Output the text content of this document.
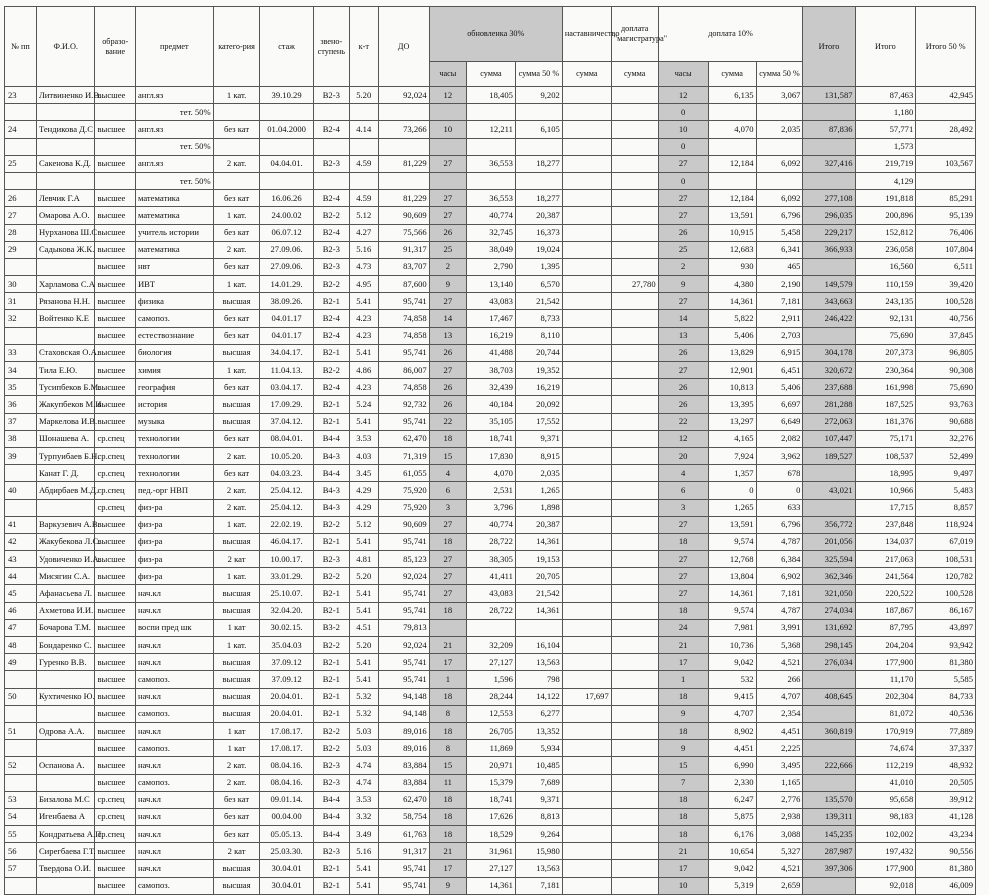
№ пп	Ф.И.О.	образо-вание	предмет	катего-рия	стаж	звено-ступень	к-т	ДО	обновленка 30%			наставничество	доплата "магистратура"	доплата 10%			Итого	Итого	Итого 50 %
									часы	сумма	сумма 50 %	сумма	сумма	часы	сумма	сумма 50 %			
23	Литвиненко И.В.	высшее	англ.яз	1 кат.	39.10.29	В2-3	5.20	92,024	12	18,405	9,202			12	6,135	3,067	131,587	87,463	42,945
			тет. 50%											0				1,180	
24	Тендикова Д.С	высшее	англ.яз	без кат	01.04.2000	В2-4	4.14	73,266	10	12,211	6,105			10	4,070	2,035	87,836	57,771	28,492
			тет. 50%											0				1,573	
25	Сакенова К.Д.	высшее	англ.яз	2 кат.	04.04.01.	В2-3	4.59	81,229	27	36,553	18,277			27	12,184	6,092	327,416	219,719	103,567
			тет. 50%											0				4,129	
26	Левчик Г.А	высшее	математика	без кат	16.06.26	В2-4	4.59	81,229	27	36,553	18,277			27	12,184	6,092	277,108	191,818	85,291
27	Омарова А.О.	высшее	математика	1 кат.	24.00.02	В2-2	5.12	90,609	27	40,774	20,387			27	13,591	6,796	296,035	200,896	95,139
28	Нурханова Ш.С	высшее	учитель истории	без кат	06.07.12	В2-4	4.27	75,566	26	32,745	16,373			26	10,915	5,458	229,217	152,812	76,406
29	Садыкова Ж.К.	высшее	математика	2 кат.	27.09.06.	В2-3	5.16	91,317	25	38,049	19,024			25	12,683	6,341	366,933	236,058	107,804
		высшее	нвт	без кат	27.09.06.	В2-3	4.73	83,707	2	2,790	1,395			2	930	465		16,560	6,511
30	Харламова С.А	высшее	ИВТ	1 кат.	14.01.29.	В2-2	4.95	87,600	9	13,140	6,570		27,780	9	4,380	2,190	149,579	110,159	39,420
31	Рязанова Н.Н.	высшее	физика	высшая	38.09.26.	В2-1	5.41	95,741	27	43,083	21,542			27	14,361	7,181	343,663	243,135	100,528
32	Войтенко К.Е	высшее	самопоз.	без кат	04.01.17	В2-4	4.23	74,858	14	17,467	8,733			14	5,822	2,911	246,422	92,131	40,756
		высшее	естествознание	без кат	04.01.17	В2-4	4.23	74,858	13	16,219	8,110			13	5,406	2,703		75,690	37,845
33	Стаховская О.А.	высшее	биология	высшая	34.04.17.	В2-1	5.41	95,741	26	41,488	20,744			26	13,829	6,915	304,178	207,373	96,805
34	Тила Е.Ю.	высшее	химия	1 кат.	11.04.13.	В2-2	4.86	86,007	27	38,703	19,352			27	12,901	6,451	320,672	230,364	90,308
35	Тусипбеков Б.М.	высшее	география	без кат	03.04.17.	В2-4	4.23	74,858	26	32,439	16,219			26	10,813	5,406	237,688	161,998	75,690
36	Жакупбеков М.И	высшее	история	высшая	17.09.29.	В2-1	5.24	92,732	26	40,184	20,092			26	13,395	6,697	281,288	187,525	93,763
37	Маркелова И.В.	высшее	музыка	высшая	37.04.12.	В2-1	5.41	95,741	22	35,105	17,552			22	13,297	6,649	272,063	181,376	90,688
38	Шонашева А.	ср.спец	технологии	без кат	08.04.01.	В4-4	3.53	62,470	18	18,741	9,371			12	4,165	2,082	107,447	75,171	32,276
39	Турпуибаев Б.Н.	ср.спец	технологии	2 кат.	10.05.20.	В4-3	4.03	71,319	15	17,830	8,915			20	7,924	3,962	189,527	108,537	52,499
	Канат Г. Д.	ср.спец	технологии	без кат	04.03.23.	В4-4	3.45	61,055	4	4,070	2,035			4	1,357	678		18,995	9,497
40	Абдирбаев М.Д.	ср.спец	пед.-орг НВП	2 кат.	25.04.12.	В4-3	4.29	75,920	6	2,531	1,265			6	0	0	43,021	10,966	5,483
		ср.спец	физ-ра	2 кат.	25.04.12.	В4-3	4.29	75,920	3	3,796	1,898			3	1,265	633		17,715	8,857
41	Варкузевич А.В.	высшее	физ-ра	1 кат.	22.02.19.	В2-2	5.12	90,609	27	40,774	20,387			27	13,591	6,796	356,772	237,848	118,924
42	Жакубекова Л.С.	высшее	физ-ра	высшая	46.04.17.	В2-1	5.41	95,741	18	28,722	14,361			18	9,574	4,787	201,056	134,037	67,019
43	Удовиченко И.А.	высшее	физ-ра	2 кат	10.00.17.	В2-3	4.81	85,123	27	38,305	19,153			27	12,768	6,384	325,594	217,063	108,531
44	Мисягин С.А.	высшее	физ-ра	1 кат.	33.01.29.	В2-2	5.20	92,024	27	41,411	20,705			27	13,804	6,902	362,346	241,564	120,782
45	Афанасьева Л.	высшее	нач.кл	высшая	25.10.07.	В2-1	5.41	95,741	27	43,083	21,542			27	14,361	7,181	321,050	220,522	100,528
46	Ахметова И.И.	высшее	нач.кл	высшая	32.04.20.	В2-1	5.41	95,741	18	28,722	14,361			18	9,574	4,787	274,034	187,867	86,167
47	Бочарова Т.М.	высшее	воспи пред шк	1 кат	30.02.15.	В3-2	4.51	79,813						24	7,981	3,991	131,692	87,795	43,897
48	Бондаренко С.	высшее	нач.кл	1 кат.	35.04.03	В2-2	5.20	92,024	21	32,209	16,104			21	10,736	5,368	298,145	204,204	93,942
49	Гуренко В.В.	высшее	нач.кл	высшая	37.09.12	В2-1	5.41	95,741	17	27,127	13,563			17	9,042	4,521	276,034	177,900	81,380
		высшее	самопоз.	высшая	37.09.12	В2-1	5.41	95,741	1	1,596	798			1	532	266		11,170	5,585
50	Кухтиченко Ю.	высшее	нач.кл	высшая	20.04.01.	В2-1	5.32	94,148	18	28,244	14,122	17,697		18	9,415	4,707	408,645	202,304	84,733
		высшее	самопоз.	высшая	20.04.01.	В2-1	5.32	94,148	8	12,553	6,277			9	4,707	2,354		81,072	40,536
51	Одрова А.А.	высшее	нач.кл	1 кат	17.08.17.	В2-2	5.03	89,016	18	26,705	13,352			18	8,902	4,451	360,819	170,919	77,889
		высшее	самопоз.	1 кат	17.08.17.	В2-2	5.03	89,016	8	11,869	5,934			9	4,451	2,225		74,674	37,337
52	Оспанова А.	высшее	нач.кл	2 кат.	08.04.16.	В2-3	4.74	83,884	15	20,971	10,485			15	6,990	3,495	222,666	112,219	48,932
		высшее	самопоз.	2 кат.	08.04.16.	В2-3	4.74	83,884	11	15,379	7,689			7	2,330	1,165		41,010	20,505
53	Бизалова М.С	ср.спец	нач.кл	без кат	09.01.14.	В4-4	3.53	62,470	18	18,741	9,371			18	6,247	2,776	135,570	95,658	39,912
54	Игенбаева А	ср.спец	нач.кл	без кат	00.04.00	В4-4	3.32	58,754	18	17,626	8,813			18	5,875	2,938	139,311	98,183	41,128
55	Кондратьева А.П.	ср.спец	нач.кл	без кат	05.05.13.	В4-4	3.49	61,763	18	18,529	9,264			18	6,176	3,088	145,235	102,002	43,234
56	Сирегбаева Г.Т.	высшее	нач.кл	2 кат	25.03.30.	В2-3	5.16	91,317	21	31,961	15,980			21	10,654	5,327	287,987	197,432	90,556
57	Твердова О.И.	высшее	нач.кл	высшая	30.04.01	В2-1	5.41	95,741	17	27,127	13,563			17	9,042	4,521	397,306	177,900	81,380
		высшее	самопоз.	высшая	30.04.01	В2-1	5.41	95,741	9	14,361	7,181			10	5,319	2,659		92,018	46,009
